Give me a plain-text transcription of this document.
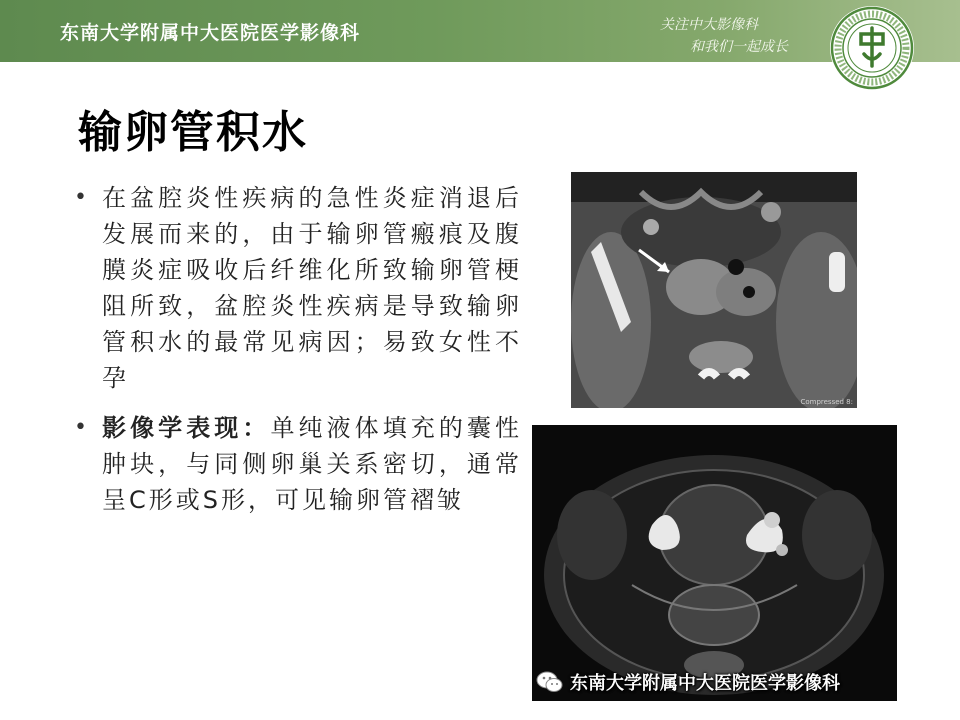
东南大学附属中大医院医学影像科	关注中大影像科
和我们一起成长
输卵管积水
• 在盆腔炎性疾病的急性炎症消退后发展而来的，由于输卵管瘢痕及腹膜炎症吸收后纤维化所致输卵管梗阻所致，盆腔炎性疾病是导致输卵管积水的最常见病因；易致女性不孕
• 影像学表现：单纯液体填充的囊性肿块，与同侧卵巢关系密切，通常呈C形或S形，可见输卵管褶皱
Compressed 8:
东南大学附属中大医院医学影像科
